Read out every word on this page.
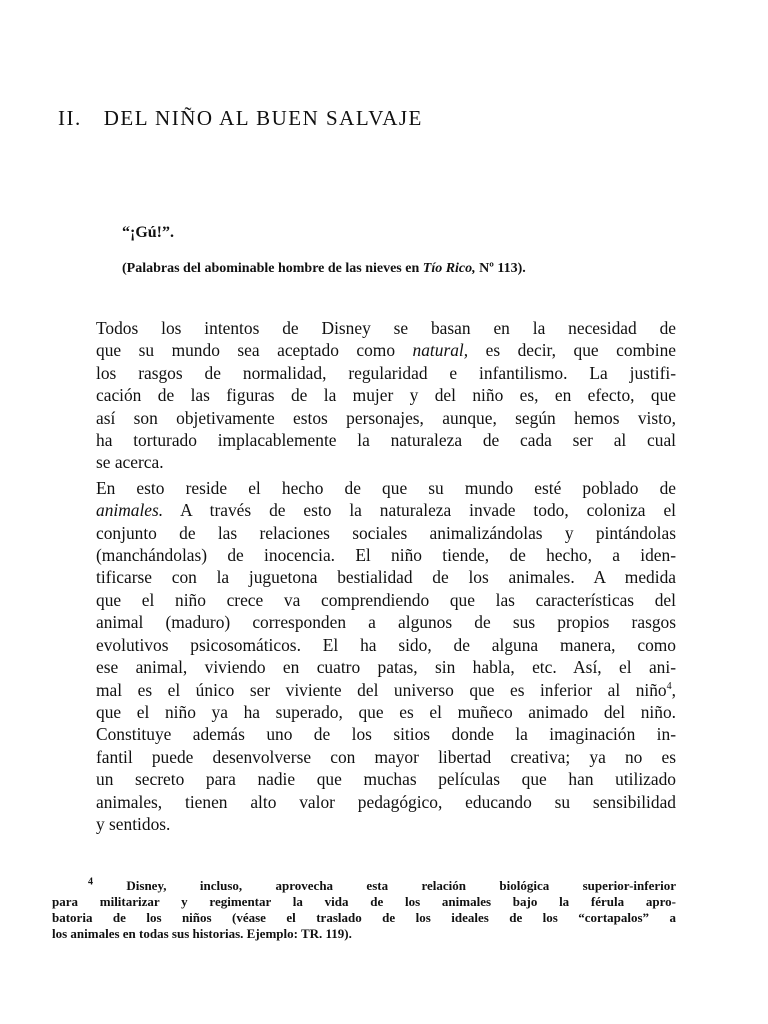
II. DEL NIÑO AL BUEN SALVAJE

“¡Gú!”.

(Palabras del abominable hombre de las nieves en Tío Rico, Nº 113).

Todos los intentos de Disney se basan en la necesidad de
que su mundo sea aceptado como natural, es decir, que combine
los rasgos de normalidad, regularidad e infantilismo. La justifi-
cación de las figuras de la mujer y del niño es, en efecto, que
así son objetivamente estos personajes, aunque, según hemos visto,
ha torturado implacablemente la naturaleza de cada ser al cual
se acerca.

En esto reside el hecho de que su mundo esté poblado de
animales. A través de esto la naturaleza invade todo, coloniza el
conjunto de las relaciones sociales animalizándolas y pintándolas
(manchándolas) de inocencia. El niño tiende, de hecho, a iden-
tificarse con la juguetona bestialidad de los animales. A medida
que el niño crece va comprendiendo que las características del
animal (maduro) corresponden a algunos de sus propios rasgos
evolutivos psicosomáticos. El ha sido, de alguna manera, como
ese animal, viviendo en cuatro patas, sin habla, etc. Así, el ani-
mal es el único ser viviente del universo que es inferior al niño$^4$,
que el niño ya ha superado, que es el muñeco animado del niño.
Constituye además uno de los sitios donde la imaginación in-
fantil puede desenvolverse con mayor libertad creativa; ya no es
un secreto para nadie que muchas películas que han utilizado
animales, tienen alto valor pedagógico, educando su sensibilidad
y sentidos.

$^4$ Disney, incluso, aprovecha esta relación biológica superior-inferior
para militarizar y regimentar la vida de los animales bajo la férula apro-
batoria de los niños (véase el traslado de los ideales de los “cortapalos” a
los animales en todas sus historias. Ejemplo: TR. 119).
